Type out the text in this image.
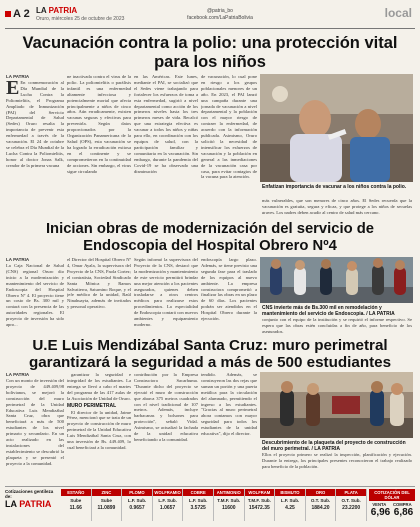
A 2 LA PATRIA
Oruro, miércoles 25 de octubre de 2023
@patria_bo
facebook.com/LaPatriaBolivia	local
Vacunación contra la polio: una protección vital para los niños
LA PATRIA
E En conmemoración al Día Mundial de la Lucha Contra la Poliomielitis, el Programa Ampliado de Inmunización (PAI) del Servicio Departamental de Salud (Sedes) Oruro resalta la importancia de prevenir esta enfermedad a través de la vacunación. El 24 de octubre se celebra el Día Mundial de la Lucha Contra la Poliomielitis, honor al doctor Jonas Salk, creador de la primera vacuna
ne inactivada contra el virus de la polio. La poliomielitis o parálisis infantil es una enfermedad altamente infecciosa y potencialmente mortal que afecta principalmente a niños de cinco años. Aún erradicamente, existen vacunas seguras y efectivas para prevenirla. Según datos proporcionados por la Organización Panamericana de la Salud (OPS), esta vacunación se ha logrado la erradicación exitosa en el continente y se comprometieron en la continuidad de acciones. Sin embargo, el virus sigue circulando
en las Américas. Este lunes, mediante el PAI, se socializó que el Sedes viene trabajando para fortalecer los esfuerzos de toma a esta enfermedad, sugirió a nivel departamental como acción de los primeros niveles hasta los tres primeros meses de vida. Recalcó que una estrategia efectiva es vacunar a todos los niños y niñas para ello, en coordinación con los equipos de salud, con la participación familiar y comunitaria en la vacunación. Sin embargo, durante la pandemia del Covid-19 se ha observado una disminución
de vacunación, lo cual pone en riesgo a los grupos poblacionales menores de un año. En 2023, el PAI lanzó una campaña durante una jornada de vacunación a nivel departamental y la población con el mayor riesgo de contraer la enfermedad, de acuerdo con la información publicada. Asimismo, Oruro solicitó la necesidad de intensificar los esfuerzos de vacunación y la población en general a las inmediaciones de la vacunación casa por casa, para evitar contagios de la vacuna para la atención.
Enfatizan importancia de vacunar a los niños contra la polio.
más vulnerables, que son menores de cinco años. El Sedes recuerda que la vacunación es gratuita, segura y eficaz, y que protege a los niños de secuelas graves. Los padres deben acudir al centro de salud más cercano.
Inician obras de modernización del servicio de Endoscopia del Hospital Obrero Nº4
LA PATRIA
La Caja Nacional de Salud (CNS) regional Oruro dio inicio a la modernización y mantenimiento del servicio de Endoscopia del Hospital Obrero Nº 4. El proyecto tiene un costo de Bs. 300 mil y contará con la presencia de las autoridades regionales. El proyecto de inversión ha sido apro...
el Director del Hospital Obrero Nº 4, Omar Ayala, la supervisora del Proyecto de la CNS, Paola Cortez; el contratista, Sociedad Sindicado Santa Mónica y Ramos Salvatierra, Saturnino Roque, y el jefe médico de la unidad, Raúl Ninahuayta, además de invitados y personal operativo.
Según informó la supervisora del Proyecto de la CNS, destacó que la modernización y mantenimiento de este servicio permitirá brindar una mejor atención a los pacientes asegurados, quienes deben trasladarse a otros centros médicos para realizarse estos procedimientos. La especialidad de Endoscopia contará con nuevos ambientes y equipamiento moderno.
endoscopía largo plazo. Además, se tiene previsto una segunda fase para el traslado de los equipos al nuevo ambiente. La empresa constructora comprometió a finalizar las obras en un plazo de 60 días. Los pacientes podrán ser atendidos en el Hospital Obrero durante la ejecución.
CNS invierte más de Bs.300 mil en remodelación y mantenimiento del servicio de Endoscopia. / LA PATRIA
conjunto con el equipo de la institución y se requirió el informe respectivo. Se espera que las obras estén concluidas a fin de año, para beneficio de los asegurados.
U.E Luis Mendizábal Santa Cruz: muro perimetral garantizará la seguridad a más de 500 estudiantes
LA PATRIA
Con un monto de inversión del proyecto de 449.409,98 bolivianos, se mejoró la construcción del muro perimetral de la Unidad Educativa Luis Mendizábal Santa Cruz, obra que beneficiará a más de 500 estudiantes de los nivel primario y secundario. En un acto realizado en las instalaciones del establecimiento se descubrió la plaqueta y se presentó el proyecto a la comunidad.

garantizar la seguridad e integridad de los estudiantes. La entrega se llevó a cabo el martes del programa de las 417 aulas de la Asociación de Unidad de Oruro.

MURO PERIMETRAL

El director de la unidad, Jaime Pérez, mencionó que se trata de un proyecto de construcción de muro perimetral de la Unidad Educativa Luis Mendizábal Santa Cruz, con una inversión de Bs. 449.409, lo cual beneficiará a la comunidad.

contribución por la Empresa Constructora Sacarhuma. "Durante dicho del proyecto se ejecutó el muro de construcción que abarca 375 metros cuadrados con el nivel tradicional de 107 metros. Además, incluye barbacanas y bolsones para protección", señaló Vidal. Asimismo, se actualizó la fachada de la unidad educativa beneficiando a la comunidad.
tendido. Además, se construyeron las dos rejas que suman un portón y una puerta metálica para la circulación del alumnado, permitiendo el ingreso a los estudiantes. "Gracias al muro perimetral ahora contamos con mayor seguridad para todos los estudiantes de la unidad educativa", dijo el director.
Descubrimiento de la plaqueta del proyecto de construcción del muro perimetral. / LA PATRIA
Ellos el proyecto primero se realizó la inspección, planificación y ejecución. Durante la entrega, los principales presentes reconocieron el trabajo realizado para beneficio de la población.
Cotizaciones gentileza de:
LA PATRIA
ESTAÑO
Sube
11.66
ZINC
Sube
11.0899
PLOMO
L.F. Sub.
0.9657
WOLFRAMIO
L.F. Sub.
1.0657
COBRE
L.F. Sub.
3.5725
ANTIMONIO
T.M.F. Sub.
11600
WOLFRAM
T.M.F. Sub.
15472.35
BISMUTO
L.F. Sub.
4.25
ORO
O.T. Sub.
1884.20
PLATA
O.T. Sub.
23.2200
COTIZACIÓN DEL DÓLAR
VENTA COMPRA
6,96 6,86
